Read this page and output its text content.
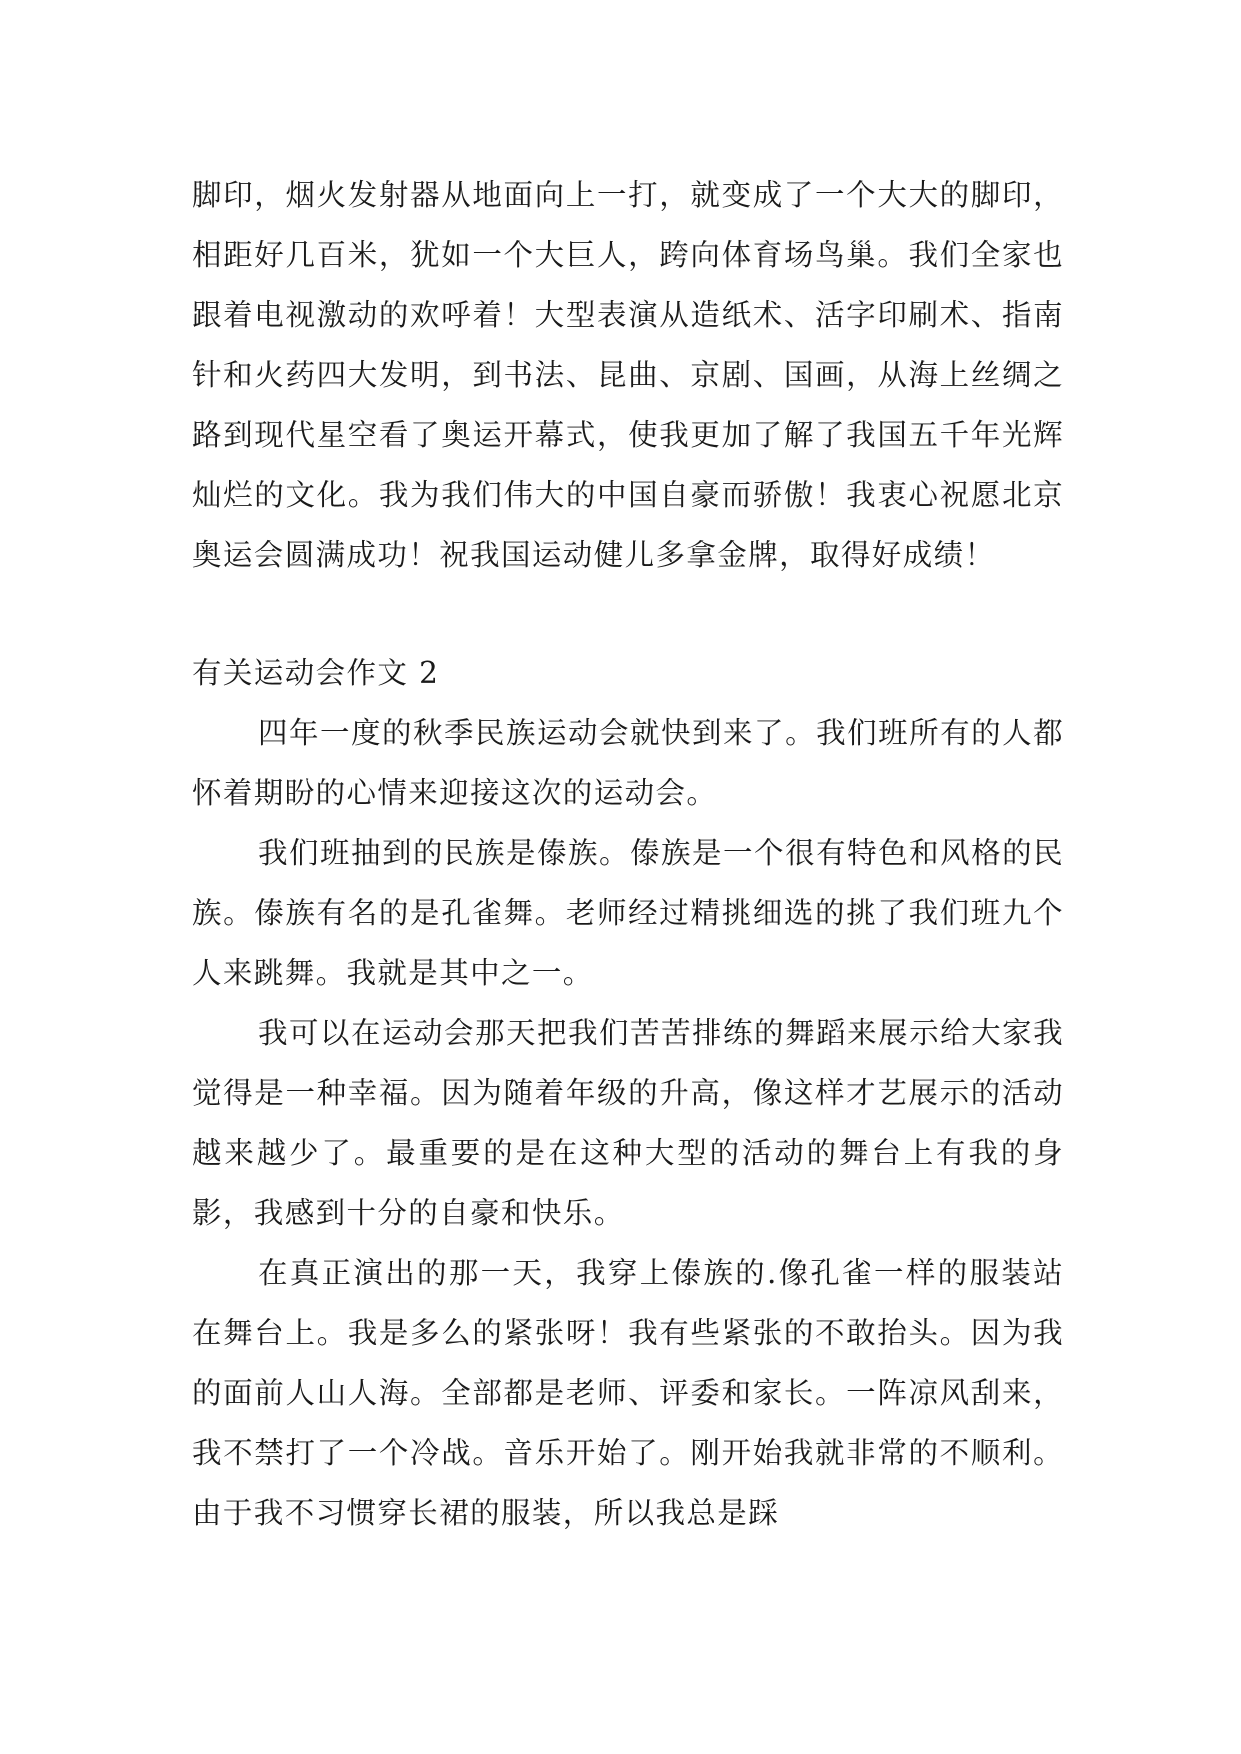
脚印，烟火发射器从地面向上一打，就变成了一个大大的脚印，相距好几百米，犹如一个大巨人，跨向体育场鸟巢。我们全家也跟着电视激动的欢呼着！大型表演从造纸术、活字印刷术、指南针和火药四大发明，到书法、昆曲、京剧、国画，从海上丝绸之路到现代星空看了奥运开幕式，使我更加了解了我国五千年光辉灿烂的文化。我为我们伟大的中国自豪而骄傲！我衷心祝愿北京奥运会圆满成功！祝我国运动健儿多拿金牌，取得好成绩！

有关运动会作文 2

四年一度的秋季民族运动会就快到来了。我们班所有的人都怀着期盼的心情来迎接这次的运动会。

我们班抽到的民族是傣族。傣族是一个很有特色和风格的民族。傣族有名的是孔雀舞。老师经过精挑细选的挑了我们班九个人来跳舞。我就是其中之一。

我可以在运动会那天把我们苦苦排练的舞蹈来展示给大家我觉得是一种幸福。因为随着年级的升高，像这样才艺展示的活动越来越少了。最重要的是在这种大型的活动的舞台上有我的身影，我感到十分的自豪和快乐。

在真正演出的那一天，我穿上傣族的.像孔雀一样的服装站在舞台上。我是多么的紧张呀！我有些紧张的不敢抬头。因为我的面前人山人海。全部都是老师、评委和家长。一阵凉风刮来，我不禁打了一个冷战。音乐开始了。刚开始我就非常的不顺利。由于我不习惯穿长裙的服装，所以我总是踩
